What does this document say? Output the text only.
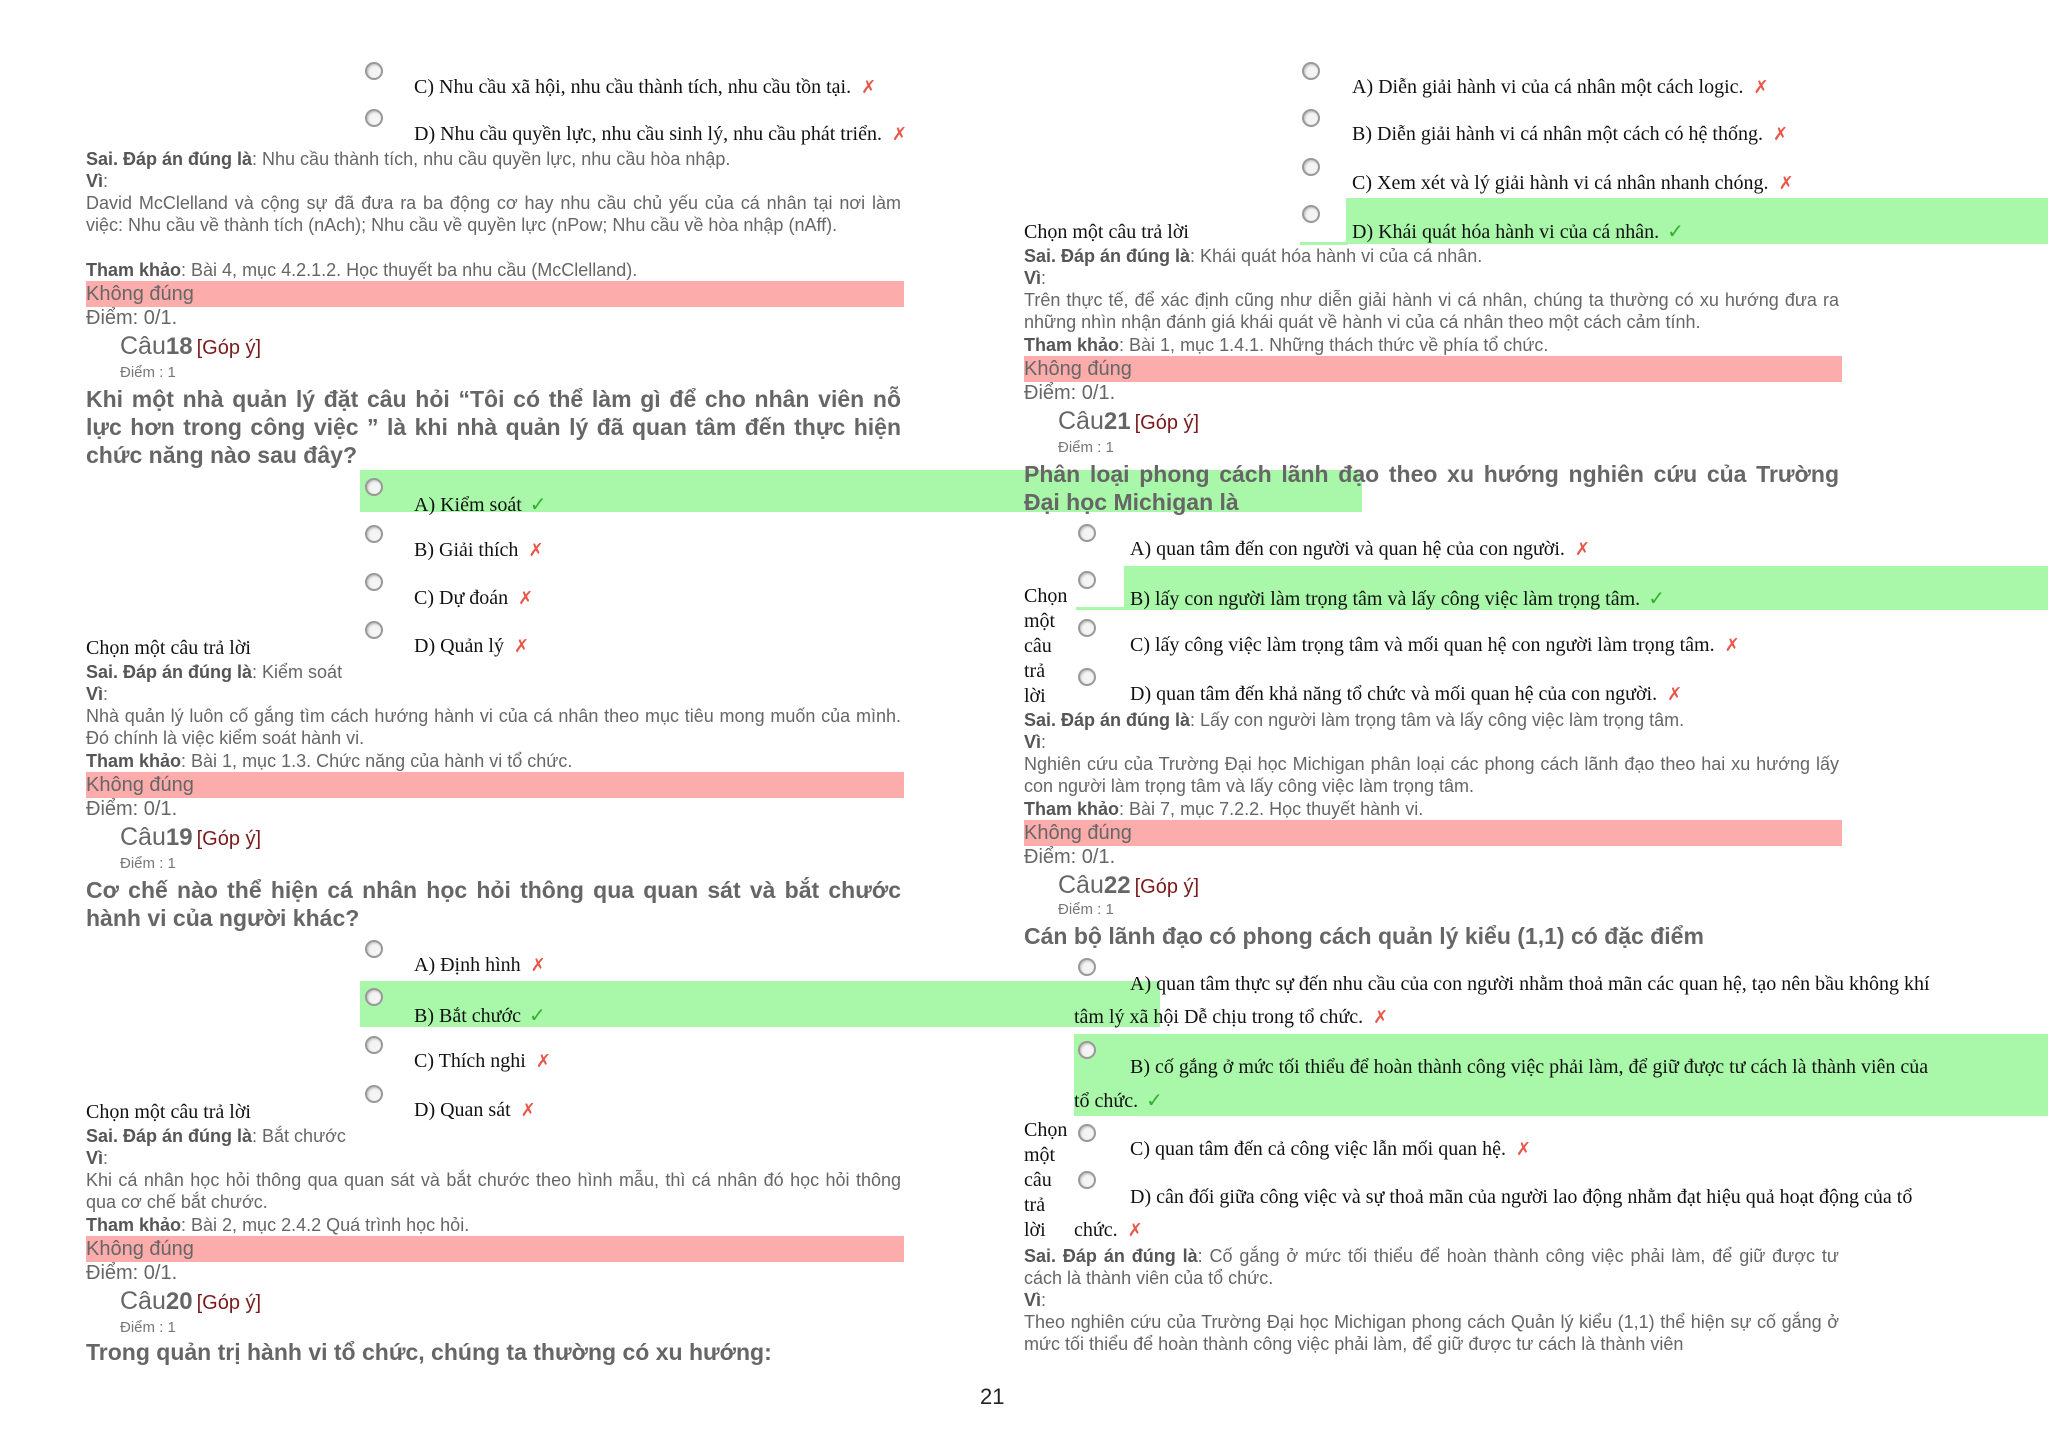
C) Nhu cầu xã hội, nhu cầu thành tích, nhu cầu tồn tại. ✗
D) Nhu cầu quyền lực, nhu cầu sinh lý, nhu cầu phát triển. ✗
Sai. Đáp án đúng là: Nhu cầu thành tích, nhu cầu quyền lực, nhu cầu hòa nhập.
Vì:
David McClelland và cộng sự đã đưa ra ba động cơ hay nhu cầu chủ yếu của cá nhân tại nơi làm việc: Nhu cầu về thành tích (nAch); Nhu cầu về quyền lực (nPow; Nhu cầu về hòa nhập (nAff).
Tham khảo: Bài 4, mục 4.2.1.2. Học thuyết ba nhu cầu (McClelland).
Không đúng
Điểm: 0/1.
Câu18 [Góp ý]
Điểm : 1
Khi một nhà quản lý đặt câu hỏi “Tôi có thể làm gì để cho nhân viên nỗ lực hơn trong công việc ” là khi nhà quản lý đã quan tâm đến thực hiện chức năng nào sau đây?
A) Kiểm soát ✓
B) Giải thích ✗
C) Dự đoán ✗
D) Quản lý ✗
Chọn một câu trả lời
Sai. Đáp án đúng là: Kiểm soát
Vì:
Nhà quản lý luôn cố gắng tìm cách hướng hành vi của cá nhân theo mục tiêu mong muốn của mình. Đó chính là việc kiểm soát hành vi.
Tham khảo: Bài 1, mục 1.3. Chức năng của hành vi tổ chức.
Không đúng
Điểm: 0/1.
Câu19 [Góp ý]
Điểm : 1
Cơ chế nào thể hiện cá nhân học hỏi thông qua quan sát và bắt chước hành vi của người khác?
A) Định hình ✗
B) Bắt chước ✓
C) Thích nghi ✗
D) Quan sát ✗
Chọn một câu trả lời
Sai. Đáp án đúng là: Bắt chước
Vì:
Khi cá nhân học hỏi thông qua quan sát và bắt chước theo hình mẫu, thì cá nhân đó học hỏi thông qua cơ chế bắt chước.
Tham khảo: Bài 2, mục 2.4.2 Quá trình học hỏi.
Không đúng
Điểm: 0/1.
Câu20 [Góp ý]
Điểm : 1
Trong quản trị hành vi tổ chức, chúng ta thường có xu hướng:
A) Diễn giải hành vi của cá nhân một cách logic. ✗
B) Diễn giải hành vi cá nhân một cách có hệ thống. ✗
C) Xem xét và lý giải hành vi cá nhân nhanh chóng. ✗
D) Khái quát hóa hành vi của cá nhân. ✓
Chọn một câu trả lời
Sai. Đáp án đúng là: Khái quát hóa hành vi của cá nhân.
Vì:
Trên thực tế, để xác định cũng như diễn giải hành vi cá nhân, chúng ta thường có xu hướng đưa ra những nhìn nhận đánh giá khái quát về hành vi của cá nhân theo một cách cảm tính.
Tham khảo: Bài 1, mục 1.4.1. Những thách thức về phía tổ chức.
Không đúng
Điểm: 0/1.
Câu21 [Góp ý]
Điểm : 1
Phân loại phong cách lãnh đạo theo xu hướng nghiên cứu của Trường Đại học Michigan là
A) quan tâm đến con người và quan hệ của con người. ✗
B) lấy con người làm trọng tâm và lấy công việc làm trọng tâm. ✓
C) lấy công việc làm trọng tâm và mối quan hệ con người làm trọng tâm. ✗
D) quan tâm đến khả năng tổ chức và mối quan hệ của con người. ✗
Chọn một câu trả lời
Sai. Đáp án đúng là: Lấy con người làm trọng tâm và lấy công việc làm trọng tâm.
Vì:
Nghiên cứu của Trường Đại học Michigan phân loại các phong cách lãnh đạo theo hai xu hướng lấy con người làm trọng tâm và lấy công việc làm trọng tâm.
Tham khảo: Bài 7, mục 7.2.2. Học thuyết hành vi.
Không đúng
Điểm: 0/1.
Câu22 [Góp ý]
Điểm : 1
Cán bộ lãnh đạo có phong cách quản lý kiểu (1,1) có đặc điểm
A) quan tâm thực sự đến nhu cầu của con người nhằm thoả mãn các quan hệ, tạo nên bầu không khí tâm lý xã hội Dễ chịu trong tổ chức. ✗
B) cố gắng ở mức tối thiểu để hoàn thành công việc phải làm, để giữ được tư cách là thành viên của tổ chức. ✓
C) quan tâm đến cả công việc lẫn mối quan hệ. ✗
D) cân đối giữa công việc và sự thoả mãn của người lao động nhằm đạt hiệu quả hoạt động của tổ chức. ✗
Chọn một câu trả lời
Sai. Đáp án đúng là: Cố gắng ở mức tối thiểu để hoàn thành công việc phải làm, để giữ được tư cách là thành viên của tổ chức.
Vì:
Theo nghiên cứu của Trường Đại học Michigan phong cách Quản lý kiểu (1,1) thể hiện sự cố gắng ở mức tối thiểu để hoàn thành công việc phải làm, để giữ được tư cách là thành viên
21
